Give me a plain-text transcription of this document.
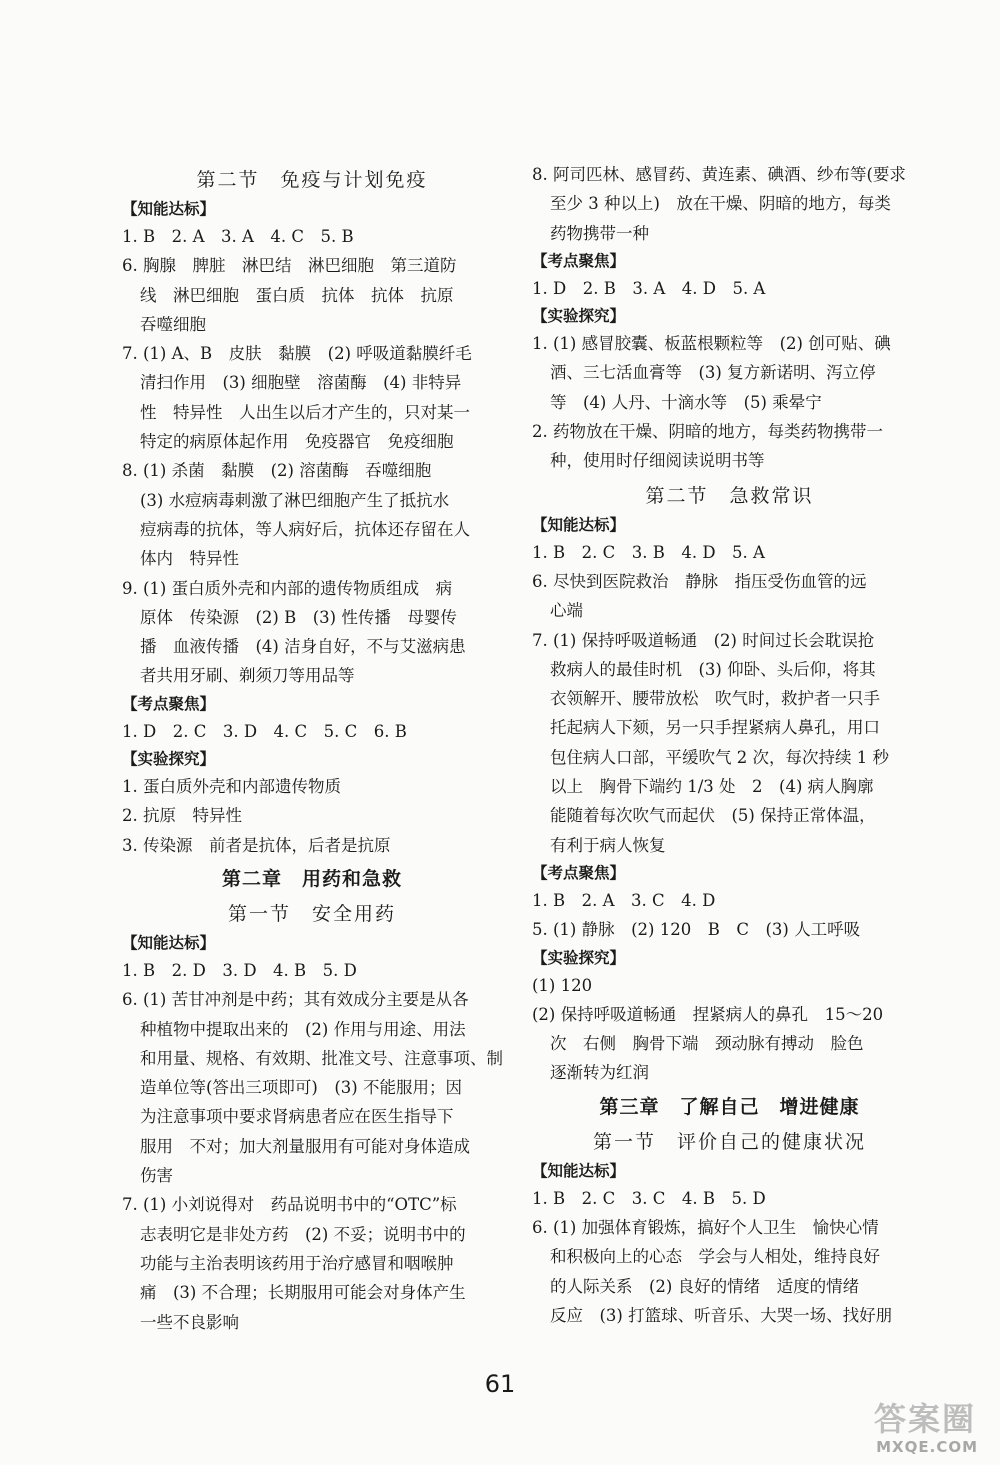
第二节　免疫与计划免疫
【知能达标】
1. B　2. A　3. A　4. C　5. B
6. 胸腺　脾脏　淋巴结　淋巴细胞　第三道防
线　淋巴细胞　蛋白质　抗体　抗体　抗原
吞噬细胞
7. (1) A、B　皮肤　黏膜　(2) 呼吸道黏膜纤毛
清扫作用　(3) 细胞壁　溶菌酶　(4) 非特异
性　特异性　人出生以后才产生的，只对某一
特定的病原体起作用　免疫器官　免疫细胞
8. (1) 杀菌　黏膜　(2) 溶菌酶　吞噬细胞
(3) 水痘病毒刺激了淋巴细胞产生了抵抗水
痘病毒的抗体，等人病好后，抗体还存留在人
体内　特异性
9. (1) 蛋白质外壳和内部的遗传物质组成　病
原体　传染源　(2) B　(3) 性传播　母婴传
播　血液传播　(4) 洁身自好，不与艾滋病患
者共用牙刷、剃须刀等用品等
【考点聚焦】
1. D　2. C　3. D　4. C　5. C　6. B
【实验探究】
1. 蛋白质外壳和内部遗传物质
2. 抗原　特异性
3. 传染源　前者是抗体，后者是抗原
第二章　用药和急救
第一节　安全用药
【知能达标】
1. B　2. D　3. D　4. B　5. D
6. (1) 苦甘冲剂是中药；其有效成分主要是从各
种植物中提取出来的　(2) 作用与用途、用法
和用量、规格、有效期、批准文号、注意事项、制
造单位等(答出三项即可)　(3) 不能服用；因
为注意事项中要求肾病患者应在医生指导下
服用　不对；加大剂量服用有可能对身体造成
伤害
7. (1) 小刘说得对　药品说明书中的“OTC”标
志表明它是非处方药　(2) 不妥；说明书中的
功能与主治表明该药用于治疗感冒和咽喉肿
痛　(3) 不合理；长期服用可能会对身体产生
一些不良影响
8. 阿司匹林、感冒药、黄连素、碘酒、纱布等(要求
至少 3 种以上)　放在干燥、阴暗的地方，每类
药物携带一种
【考点聚焦】
1. D　2. B　3. A　4. D　5. A
【实验探究】
1. (1) 感冒胶囊、板蓝根颗粒等　(2) 创可贴、碘
酒、三七活血膏等　(3) 复方新诺明、泻立停
等　(4) 人丹、十滴水等　(5) 乘晕宁
2. 药物放在干燥、阴暗的地方，每类药物携带一
种，使用时仔细阅读说明书等
第二节　急救常识
【知能达标】
1. B　2. C　3. B　4. D　5. A
6. 尽快到医院救治　静脉　指压受伤血管的远
心端
7. (1) 保持呼吸道畅通　(2) 时间过长会耽误抢
救病人的最佳时机　(3) 仰卧、头后仰，将其
衣领解开、腰带放松　吹气时，救护者一只手
托起病人下颏，另一只手捏紧病人鼻孔，用口
包住病人口部，平缓吹气 2 次，每次持续 1 秒
以上　胸骨下端约 1/3 处　2　(4) 病人胸廓
能随着每次吹气而起伏　(5) 保持正常体温，
有利于病人恢复
【考点聚焦】
1. B　2. A　3. C　4. D
5. (1) 静脉　(2) 120　B　C　(3) 人工呼吸
【实验探究】
(1) 120
(2) 保持呼吸道畅通　捏紧病人的鼻孔　15～20
次　右侧　胸骨下端　颈动脉有搏动　脸色
逐渐转为红润
第三章　了解自己　增进健康
第一节　评价自己的健康状况
【知能达标】
1. B　2. C　3. C　4. B　5. D
6. (1) 加强体育锻炼，搞好个人卫生　愉快心情
和积极向上的心态　学会与人相处，维持良好
的人际关系　(2) 良好的情绪　适度的情绪
反应　(3) 打篮球、听音乐、大哭一场、找好朋
61
答案圈
MXQE.COM
